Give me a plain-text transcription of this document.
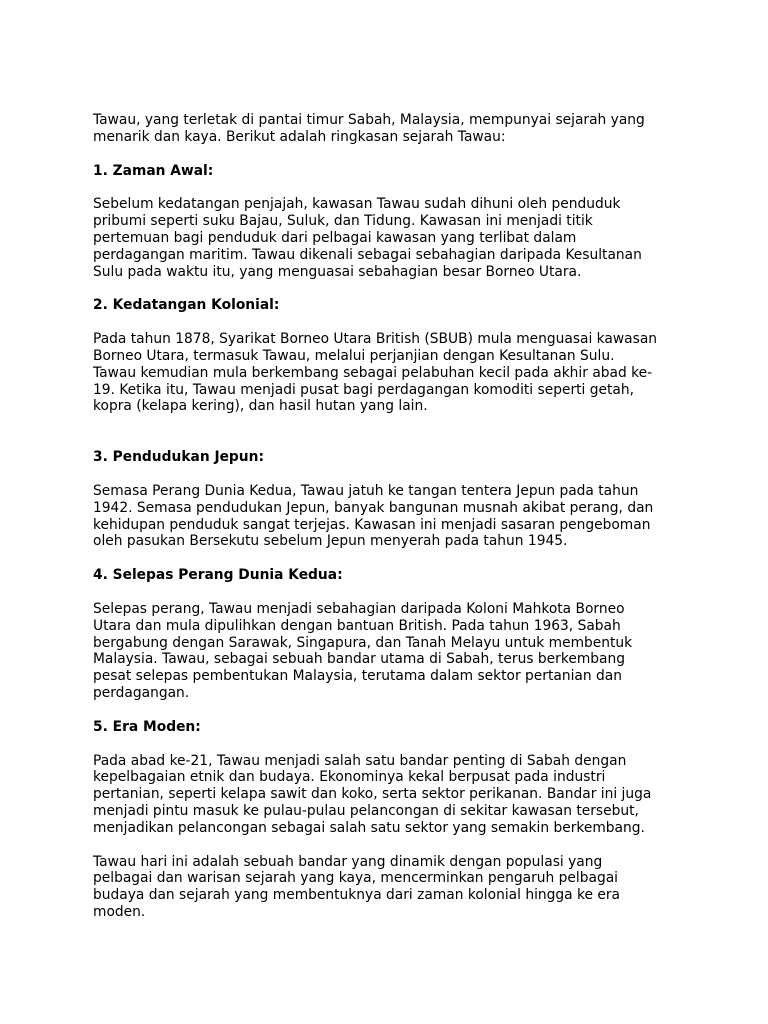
Tawau, yang terletak di pantai timur Sabah, Malaysia, mempunyai sejarah yang
menarik dan kaya. Berikut adalah ringkasan sejarah Tawau:

1. Zaman Awal:

Sebelum kedatangan penjajah, kawasan Tawau sudah dihuni oleh penduduk
pribumi seperti suku Bajau, Suluk, dan Tidung. Kawasan ini menjadi titik
pertemuan bagi penduduk dari pelbagai kawasan yang terlibat dalam
perdagangan maritim. Tawau dikenali sebagai sebahagian daripada Kesultanan
Sulu pada waktu itu, yang menguasai sebahagian besar Borneo Utara.

2. Kedatangan Kolonial:

Pada tahun 1878, Syarikat Borneo Utara British (SBUB) mula menguasai kawasan
Borneo Utara, termasuk Tawau, melalui perjanjian dengan Kesultanan Sulu.
Tawau kemudian mula berkembang sebagai pelabuhan kecil pada akhir abad ke-
19. Ketika itu, Tawau menjadi pusat bagi perdagangan komoditi seperti getah,
kopra (kelapa kering), dan hasil hutan yang lain.

3. Pendudukan Jepun:

Semasa Perang Dunia Kedua, Tawau jatuh ke tangan tentera Jepun pada tahun
1942. Semasa pendudukan Jepun, banyak bangunan musnah akibat perang, dan
kehidupan penduduk sangat terjejas. Kawasan ini menjadi sasaran pengeboman
oleh pasukan Bersekutu sebelum Jepun menyerah pada tahun 1945.

4. Selepas Perang Dunia Kedua:

Selepas perang, Tawau menjadi sebahagian daripada Koloni Mahkota Borneo
Utara dan mula dipulihkan dengan bantuan British. Pada tahun 1963, Sabah
bergabung dengan Sarawak, Singapura, dan Tanah Melayu untuk membentuk
Malaysia. Tawau, sebagai sebuah bandar utama di Sabah, terus berkembang
pesat selepas pembentukan Malaysia, terutama dalam sektor pertanian dan
perdagangan.

5. Era Moden:

Pada abad ke-21, Tawau menjadi salah satu bandar penting di Sabah dengan
kepelbagaian etnik dan budaya. Ekonominya kekal berpusat pada industri
pertanian, seperti kelapa sawit dan koko, serta sektor perikanan. Bandar ini juga
menjadi pintu masuk ke pulau-pulau pelancongan di sekitar kawasan tersebut,
menjadikan pelancongan sebagai salah satu sektor yang semakin berkembang.

Tawau hari ini adalah sebuah bandar yang dinamik dengan populasi yang
pelbagai dan warisan sejarah yang kaya, mencerminkan pengaruh pelbagai
budaya dan sejarah yang membentuknya dari zaman kolonial hingga ke era
moden.
